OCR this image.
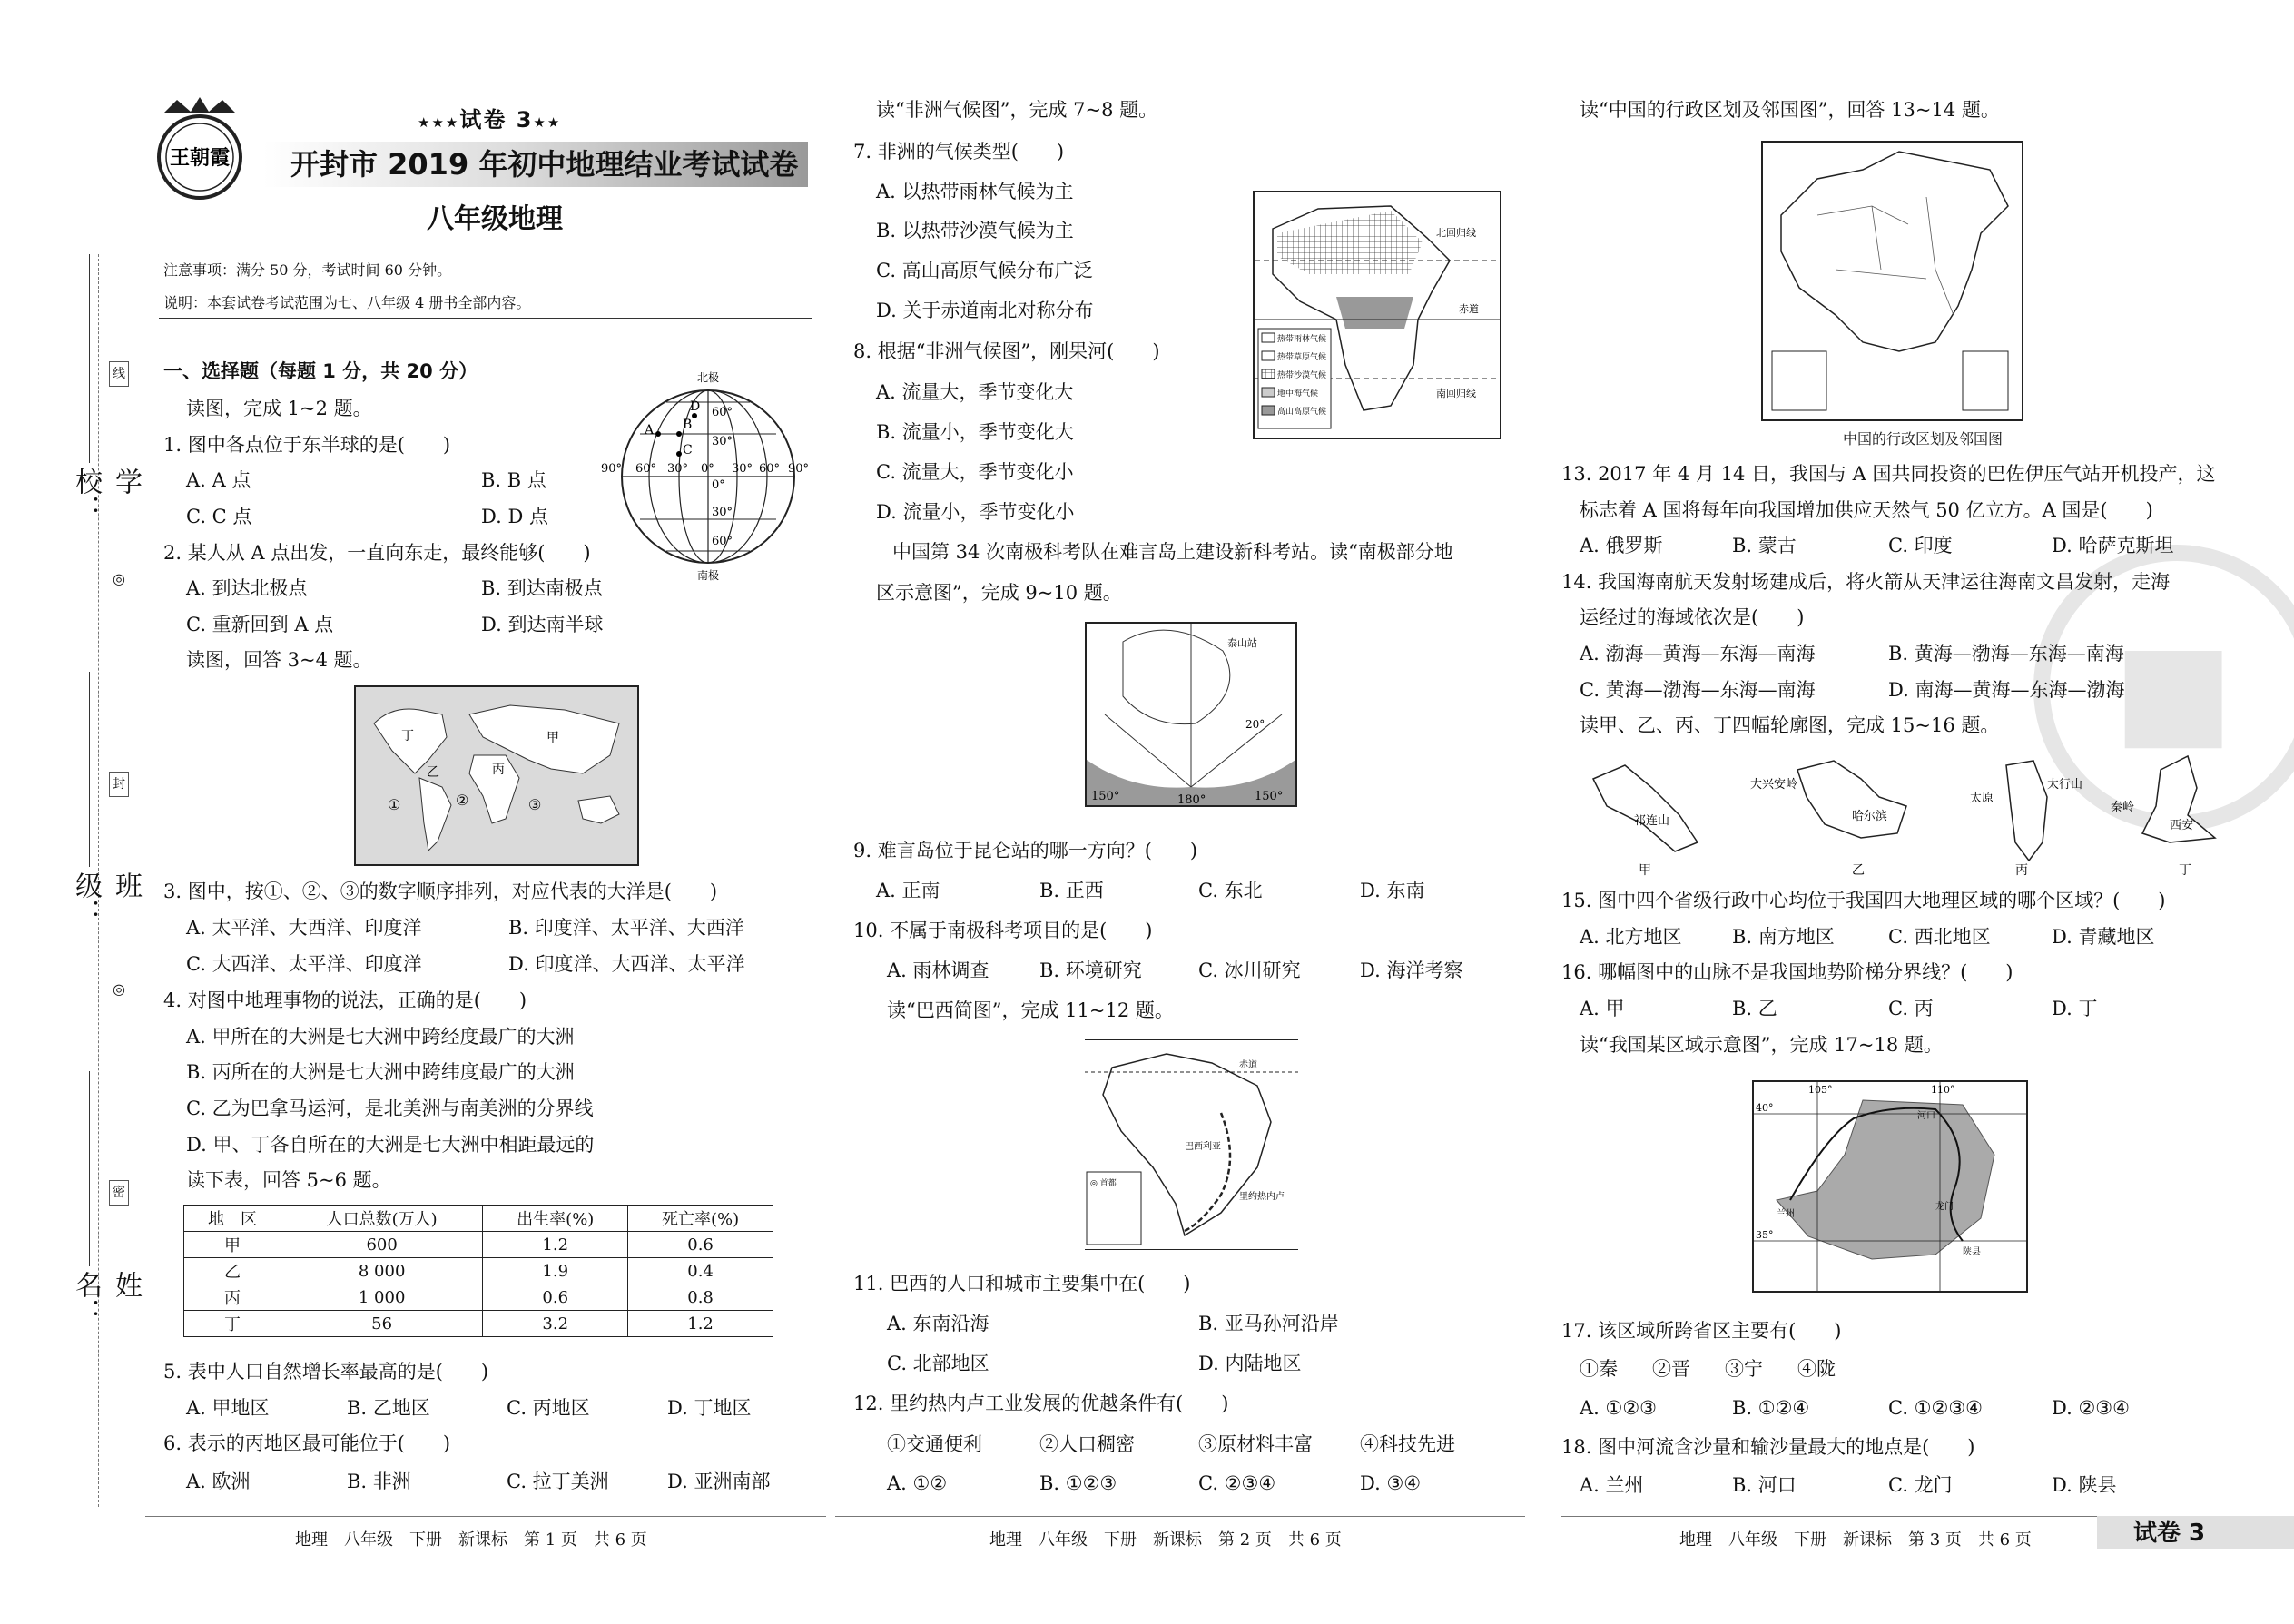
学校：
班级：
姓名：
线
封
密
◎
◎
王朝霞
★★★试卷 3★★
开封市 2019 年初中地理结业考试试卷
八年级地理
注意事项：满分 50 分，考试时间 60 分钟。
说明：本套试卷考试范围为七、八年级 4 册书全部内容。
一、选择题（每题 1 分，共 20 分）
读图，完成 1~2 题。
1. 图中各点位于东半球的是(　　)
A. A 点	B. B 点
C. C 点	D. D 点
2. 某人从 A 点出发，一直向东走，最终能够(　　)
A. 到达北极点	B. 到达南极点
C. 重新回到 A 点	D. 到达南半球
读图，回答 3~4 题。
北极
南极
A B
C
D 60°
30°
0°
30°
60°
90° 60° 30° 0° 30° 60° 90°
丁	甲
乙	丙
①	②	③
3. 图中，按①、②、③的数字顺序排列，对应代表的大洋是(　　)
A. 太平洋、大西洋、印度洋	B. 印度洋、太平洋、大西洋
C. 大西洋、太平洋、印度洋	D. 印度洋、大西洋、太平洋
4. 对图中地理事物的说法，正确的是(　　)
A. 甲所在的大洲是七大洲中跨经度最广的大洲
B. 丙所在的大洲是七大洲中跨纬度最广的大洲
C. 乙为巴拿马运河，是北美洲与南美洲的分界线
D. 甲、丁各自所在的大洲是七大洲中相距最远的
读下表，回答 5~6 题。
地　区	人口总数(万人)	出生率(%)	死亡率(%)
甲	600	1.2	0.6
乙	8 000	1.9	0.4
丙	1 000	0.6	0.8
丁	56	3.2	1.2
5. 表中人口自然增长率最高的是(　　)
A. 甲地区	B. 乙地区	C. 丙地区	D. 丁地区
6. 表示的丙地区最可能位于(　　)
A. 欧洲	B. 非洲	C. 拉丁美洲	D. 亚洲南部
地理　八年级　下册　新课标　第 1 页　共 6 页
读“非洲气候图”，完成 7~8 题。
7. 非洲的气候类型(　　)
A. 以热带雨林气候为主
B. 以热带沙漠气候为主
C. 高山高原气候分布广泛
D. 关于赤道南北对称分布
8. 根据“非洲气候图”，刚果河(　　)
A. 流量大，季节变化大
B. 流量小，季节变化大
C. 流量大，季节变化小
D. 流量小，季节变化小
北回归线
赤道
南回归线
热带雨林气候
热带草原气候
热带沙漠气候
地中海气候
高山高原气候
中国第 34 次南极科考队在难言岛上建设新科考站。读“南极部分地
区示意图”，完成 9~10 题。
泰山站
20°
150°	180°	150°
9. 难言岛位于昆仑站的哪一方向？(　　)
A. 正南	B. 正西	C. 东北	D. 东南
10. 不属于南极科考项目的是(　　)
A. 雨林调查	B. 环境研究	C. 冰川研究	D. 海洋考察
读“巴西简图”，完成 11~12 题。
赤道
巴西利亚
里约热内卢
◎ 首都
11. 巴西的人口和城市主要集中在(　　)
A. 东南沿海	B. 亚马孙河沿岸
C. 北部地区	D. 内陆地区
12. 里约热内卢工业发展的优越条件有(　　)
①交通便利	②人口稠密	③原材料丰富 ④科技先进
A. ①②	B. ①②③	C. ②③④	D. ③④
地理　八年级　下册　新课标　第 2 页　共 6 页
■
读“中国的行政区划及邻国图”，回答 13~14 题。
中国的行政区划及邻国图
13. 2017 年 4 月 14 日，我国与 A 国共同投资的巴佐伊压气站开机投产，这
标志着 A 国将每年向我国增加供应天然气 50 亿立方。A 国是(　　)
A. 俄罗斯	B. 蒙古	C. 印度	D. 哈萨克斯坦
14. 我国海南航天发射场建成后，将火箭从天津运往海南文昌发射，走海
运经过的海域依次是(　　)
A. 渤海—黄海—东海—南海	B. 黄海—渤海—东海—南海
C. 黄海—渤海—东海—南海	D. 南海—黄海—东海—渤海
读甲、乙、丙、丁四幅轮廓图，完成 15~16 题。
祁连山
甲
大兴安岭
哈尔滨
乙
太原
太行山
丙
秦岭
西安
丁
15. 图中四个省级行政中心均位于我国四大地理区域的哪个区域？(　　)
A. 北方地区	B. 南方地区	C. 西北地区	D. 青藏地区
16. 哪幅图中的山脉不是我国地势阶梯分界线？(　　)
A. 甲	B. 乙	C. 丙	D. 丁
读“我国某区域示意图”，完成 17~18 题。
105°	110°
40°
35°
兰州
河口
龙门
陕县
17. 该区域所跨省区主要有(　　)
①秦 ②晋 ③宁 ④陇
A. ①②③	B. ①②④	C. ①②③④	D. ②③④
18. 图中河流含沙量和输沙量最大的地点是(　　)
A. 兰州	B. 河口	C. 龙门	D. 陕县
地理　八年级　下册　新课标　第 3 页　共 6 页	试卷 3
